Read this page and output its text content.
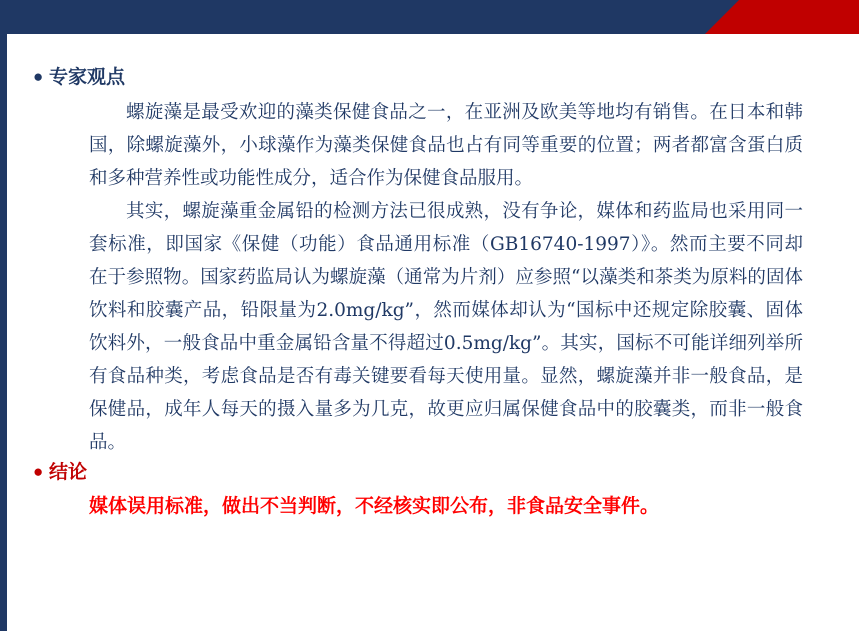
● 专家观点

螺旋藻是最受欢迎的藻类保健食品之一，在亚洲及欧美等地均有销售。在日本和韩国，除螺旋藻外，小球藻作为藻类保健食品也占有同等重要的位置；两者都富含蛋白质和多种营养性或功能性成分，适合作为保健食品服用。

其实，螺旋藻重金属铅的检测方法已很成熟，没有争论，媒体和药监局也采用同一套标准，即国家《保健（功能）食品通用标准（GB16740-1997）》。然而主要不同却在于参照物。国家药监局认为螺旋藻（通常为片剂）应参照“以藻类和茶类为原料的固体饮料和胶囊产品，铅限量为2.0mg/kg”，然而媒体却认为“国标中还规定除胶囊、固体饮料外，一般食品中重金属铅含量不得超过0.5mg/kg”。其实，国标不可能详细列举所有食品种类，考虑食品是否有毒关键要看每天使用量。显然，螺旋藻并非一般食品，是保健品，成年人每天的摄入量多为几克，故更应归属保健食品中的胶囊类，而非一般食品。

● 结论
媒体误用标准，做出不当判断，不经核实即公布，非食品安全事件。
